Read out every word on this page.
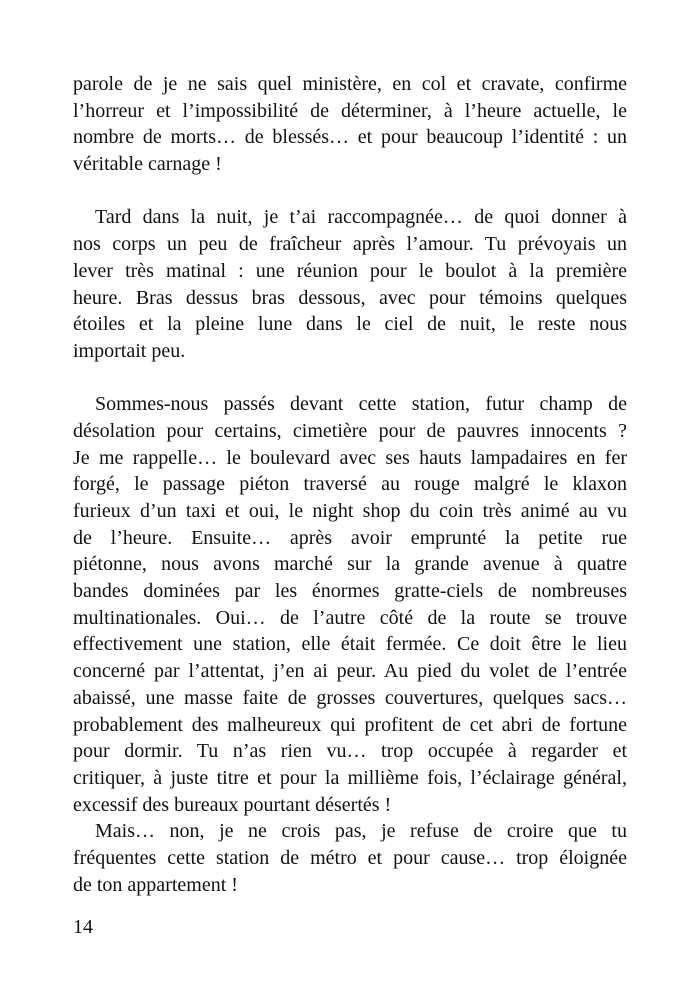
parole de je ne sais quel ministère, en col et cravate, confirme
l’horreur et l’impossibilité de déterminer, à l’heure actuelle, le
nombre de morts… de blessés… et pour beaucoup l’identité : un
véritable carnage !
Tard dans la nuit, je t’ai raccompagnée… de quoi donner à
nos corps un peu de fraîcheur après l’amour. Tu prévoyais un
lever très matinal : une réunion pour le boulot à la première
heure. Bras dessus bras dessous, avec pour témoins quelques
étoiles et la pleine lune dans le ciel de nuit, le reste nous
importait peu.
Sommes-nous passés devant cette station, futur champ de
désolation pour certains, cimetière pour de pauvres innocents ?
Je me rappelle… le boulevard avec ses hauts lampadaires en fer
forgé, le passage piéton traversé au rouge malgré le klaxon
furieux d’un taxi et oui, le night shop du coin très animé au vu
de l’heure. Ensuite… après avoir emprunté la petite rue
piétonne, nous avons marché sur la grande avenue à quatre
bandes dominées par les énormes gratte-ciels de nombreuses
multinationales. Oui… de l’autre côté de la route se trouve
effectivement une station, elle était fermée. Ce doit être le lieu
concerné par l’attentat, j’en ai peur. Au pied du volet de l’entrée
abaissé, une masse faite de grosses couvertures, quelques sacs…
probablement des malheureux qui profitent de cet abri de fortune
pour dormir. Tu n’as rien vu… trop occupée à regarder et
critiquer, à juste titre et pour la millième fois, l’éclairage général,
excessif des bureaux pourtant désertés !
Mais… non, je ne crois pas, je refuse de croire que tu
fréquentes cette station de métro et pour cause… trop éloignée
de ton appartement !
14
